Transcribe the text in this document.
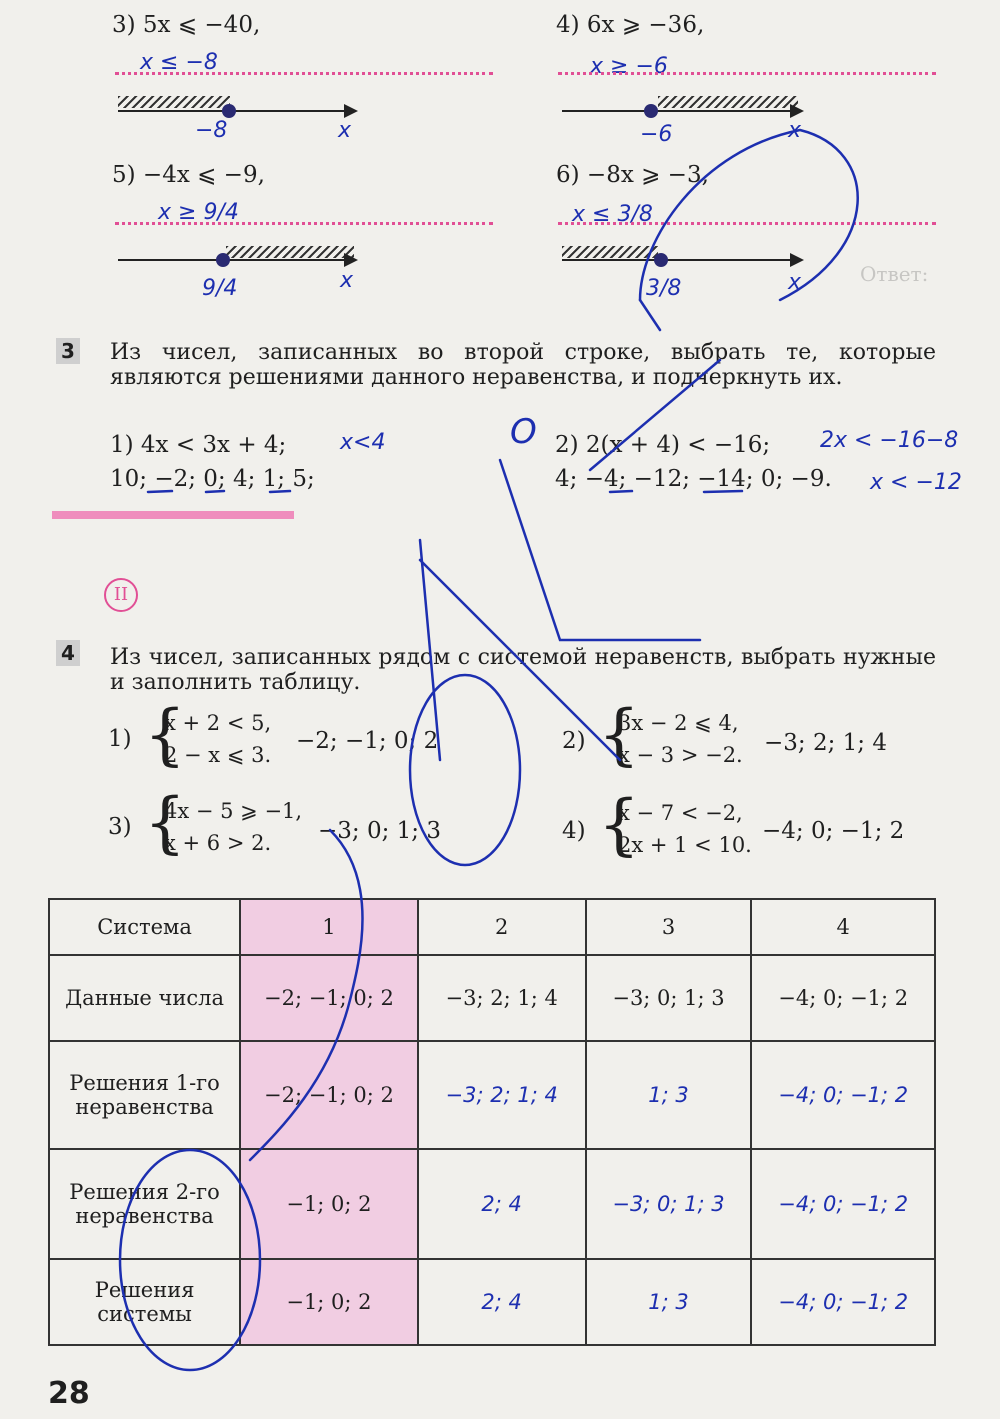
3) 5x ⩽ −40,	4) 6x ⩾ −36,
x ≤ −8	x ≥ −6
−8	x	−6	x
5) −4x ⩽ −9,	6) −8x ⩾ −3,
x ≥ 9/4	x ≤ 3/8
9/4	x	3/8	x	Ответ:
3 Из чисел, записанных во второй строке, выбрать те, которые являются решениями данного неравенства, и подчеркнуть их.
1) 4x < 3x + 4; x<4
10; −2; 0; 4; 1; 5;
O 2) 2(x + 4) < −16; 2x < −16−8
4; −4; −12; −14; 0; −9. x < −12
II
4 Из чисел, записанных рядом с системой неравенств, выбрать нужные и заполнить таблицу.
1) {
x + 2 < 5,
2 − x ⩽ 3.
−2; −1; 0; 2	2) {
3x − 2 ⩽ 4,
x − 3 > −2. −3; 2; 1; 4
3) {
4x − 5 ⩾ −1,
x + 6 > 2. −3; 0; 1; 3	4) {
x − 7 < −2,
2x + 1 < 10.
−4; 0; −1; 2
Система	1	2	3	4
Данные числа	−2; −1; 0; 2	−3; 2; 1; 4	−3; 0; 1; 3	−4; 0; −1; 2
Решения 1-го неравенства	−2; −1; 0; 2	−3; 2; 1; 4	1; 3	−4; 0; −1; 2
Решения 2-го неравенства	−1; 0; 2	2; 4	−3; 0; 1; 3	−4; 0; −1; 2
Решения системы	−1; 0; 2	2; 4	1; 3	−4; 0; −1; 2
28
